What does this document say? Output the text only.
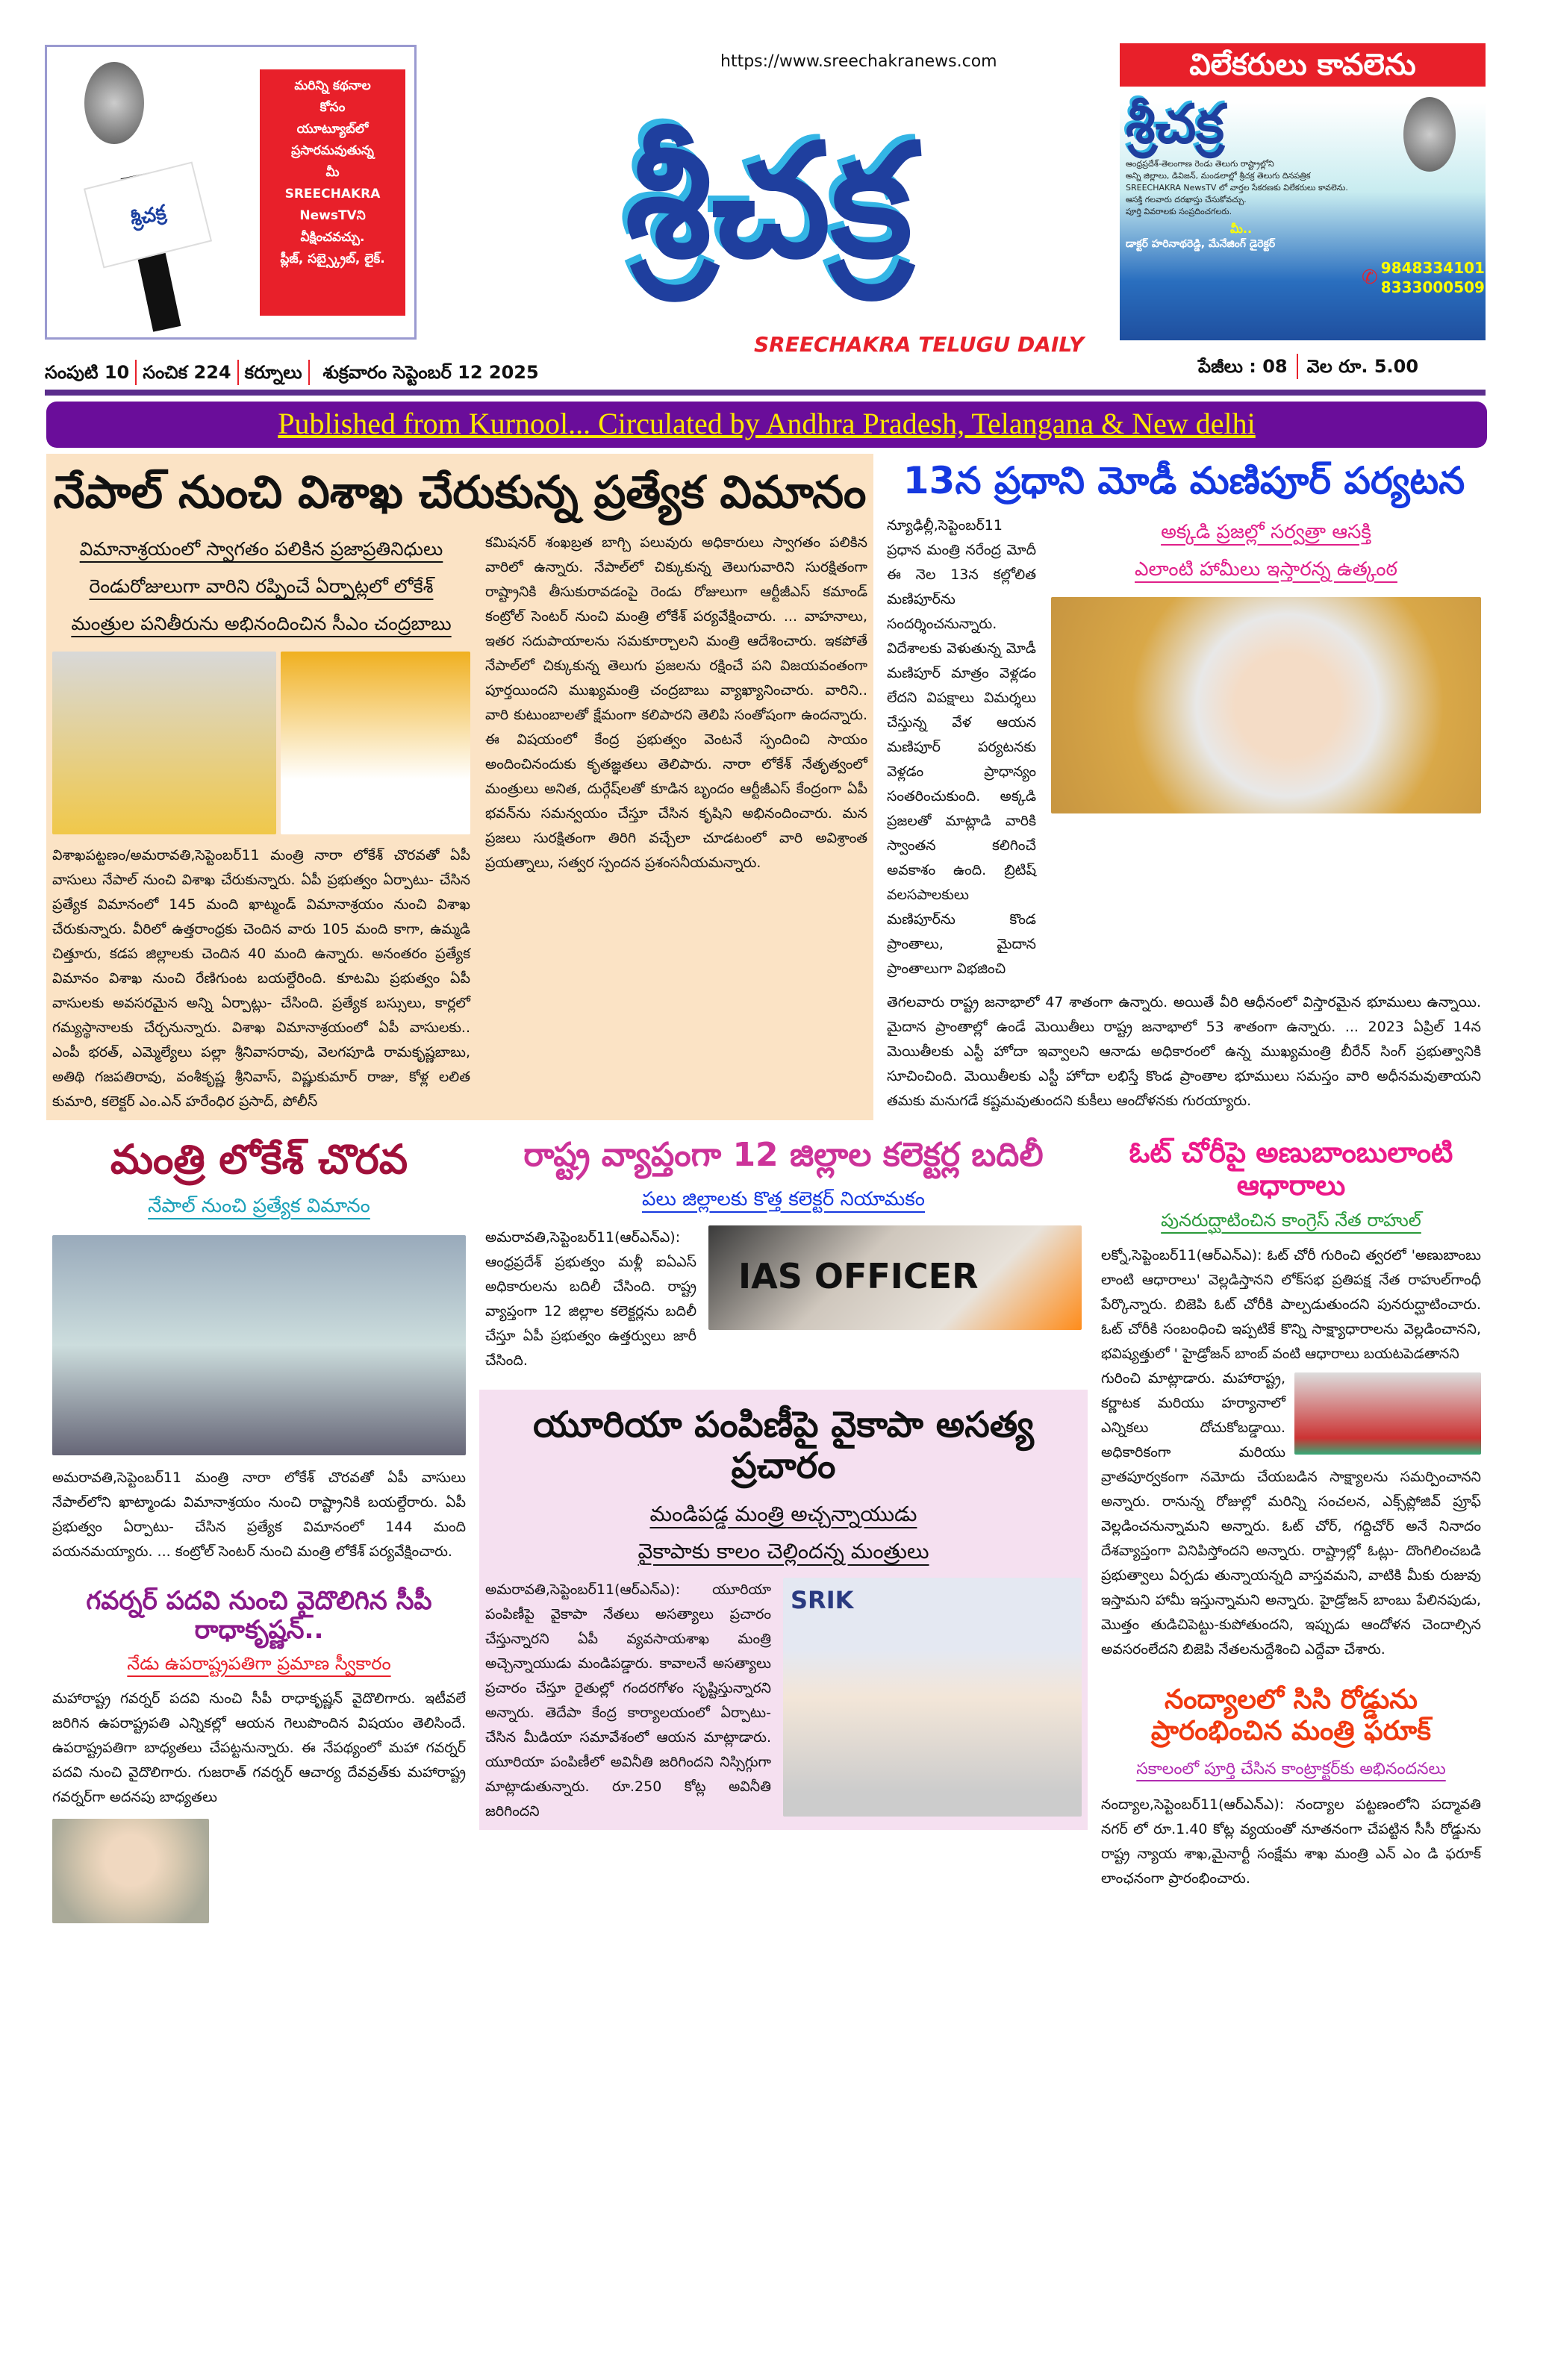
శ్రీచక్ర
మరిన్ని కథనాల
కోసం
యూట్యూబ్‌లో
ప్రసారమవుతున్న
మీ
SREECHAKRA
NewsTVని
వీక్షించవచ్చు.
ప్లీజ్, సబ్స్క్రైబ్, లైక్.
https://www.sreechakranews.com
శ్రీచక్ర
SREECHAKRA TELUGU DAILY
విలేకరులు కావలెను
శ్రీచక్ర
ఆంధ్రప్రదేశ్-తెలంగాణ రెండు తెలుగు రాష్ట్రాల్లోని
అన్ని జిల్లాలు, డివిజన్, మండలాల్లో శ్రీచక్ర తెలుగు దినపత్రిక
SREECHAKRA NewsTV లో వార్తల సేకరణకు విలేకరులు కావలెను.
ఆసక్తి గలవారు దరఖాస్తు చేసుకోవచ్చు.
పూర్తి వివరాలకు సంప్రదించగలరు.
మీ..
డాక్టర్ హరినాథరెడ్డి, మేనేజింగ్ డైరెక్టర్
✆ 9848334101
8333000509
సంపుటి 10 సంచిక 224 కర్నూలు శుక్రవారం సెప్టెంబర్ 12 2025	పేజీలు : 08 వెల రూ. 5.00
Published from Kurnool... Circulated by Andhra Pradesh, Telangana & New delhi
నేపాల్ నుంచి విశాఖ చేరుకున్న ప్రత్యేక విమానం
విమానాశ్రయంలో స్వాగతం పలికిన ప్రజాప్రతినిధులు
రెండురోజులుగా వారిని రప్పించే ఏర్పాట్లలో లోకేశ్
మంత్రుల పనితీరును అభినందించిన సీఎం చంద్రబాబు
విశాఖపట్టణం/అమరావతి,సెప్టెంబర్11 మంత్రి నారా లోకేశ్ చొరవతో ఏపీ వాసులు నేపాల్ నుంచి విశాఖ చేరుకున్నారు. ఏపీ ప్రభుత్వం ఏర్పాటు- చేసిన ప్రత్యేక విమానంలో 145 మంది ఖాట్మండ్ విమానాశ్రయం నుంచి విశాఖ చేరుకున్నారు. వీరిలో ఉత్తరాంధ్రకు చెందిన వారు 105 మంది కాగా, ఉమ్మడి చిత్తూరు, కడప జిల్లాలకు చెందిన 40 మంది ఉన్నారు. అనంతరం ప్రత్యేక విమానం విశాఖ నుంచి రేణిగుంట బయల్దేరింది. కూటమి ప్రభుత్వం ఏపీ వాసులకు అవసరమైన అన్ని ఏర్పాట్లు- చేసింది. ప్రత్యేక బస్సులు, కార్లలో గమ్యస్థానాలకు చేర్చనున్నారు. విశాఖ విమానాశ్రయంలో ఏపీ వాసులకు.. ఎంపీ భరత్, ఎమ్మెల్యేలు పల్లా శ్రీనివాసరావు, వెలగపూడి రామకృష్ణబాబు, అతిథి గజపతిరావు, వంశీకృష్ణ శ్రీనివాస్, విష్ణుకుమార్ రాజు, కోళ్ల లలిత కుమారి, కలెక్టర్ ఎం.ఎన్ హరేంధిర ప్రసాద్, పోలీస్
కమిషనర్ శంఖబ్రత బాగ్చి పలువురు అధికారులు స్వాగతం పలికిన వారిలో ఉన్నారు. నేపాల్‌లో చిక్కుకున్న తెలుగువారిని సురక్షితంగా రాష్ట్రానికి తీసుకురావడంపై రెండు రోజులుగా ఆర్టీజీఎస్ కమాండ్ కంట్రోల్ సెంటర్ నుంచి మంత్రి లోకేశ్ పర్యవేక్షించారు. ... వాహనాలు, ఇతర సదుపాయాలను సమకూర్చాలని మంత్రి ఆదేశించారు. ఇకపోతే నేపాల్‌లో చిక్కుకున్న తెలుగు ప్రజలను రక్షించే పని విజయవంతంగా పూర్తయిందని ముఖ్యమంత్రి చంద్రబాబు వ్యాఖ్యానించారు. వారిని.. వారి కుటుంబాలతో క్షేమంగా కలిపారని తెలిపి సంతోషంగా ఉందన్నారు. ఈ విషయంలో కేంద్ర ప్రభుత్వం వెంటనే స్పందించి సాయం అందించినందుకు కృతజ్ఞతలు తెలిపారు. నారా లోకేశ్ నేతృత్వంలో మంత్రులు అనిత, దుర్గేష్‌లతో కూడిన బృందం ఆర్టీజీఎస్ కేంద్రంగా ఏపీ భవన్‌ను సమన్వయం చేస్తూ చేసిన కృషిని అభినందించారు. మన ప్రజలు సురక్షితంగా తిరిగి వచ్చేలా చూడటంలో వారి అవిశ్రాంత ప్రయత్నాలు, సత్వర స్పందన ప్రశంసనీయమన్నారు.
13న ప్రధాని మోడీ మణిపూర్ పర్యటన
న్యూఢిల్లీ,సెప్టెంబర్11 ప్రధాన మంత్రి నరేంద్ర మోదీ ఈ నెల 13న కల్లోలిత మణిపూర్‌ను సందర్శించనున్నారు. విదేశాలకు వెళుతున్న మోడీ మణిపూర్ మాత్రం వెళ్లడం లేదని విపక్షాలు విమర్శలు చేస్తున్న వేళ ఆయన మణిపూర్ పర్యటనకు వెళ్లడం ప్రాధాన్యం సంతరించుకుంది. అక్కడి ప్రజలతో మాట్లాడి వారికి స్వాంతన కలిగించే అవకాశం ఉంది. బ్రిటిష్ వలసపాలకులు మణిపూర్‌ను కొండ ప్రాంతాలు, మైదాన ప్రాంతాలుగా విభజించి
అక్కడి ప్రజల్లో సర్వత్రా ఆసక్తి
ఎలాంటి హామీలు ఇస్తారన్న ఉత్కంఠ
తెగలవారు రాష్ట్ర జనాభాలో 47 శాతంగా ఉన్నారు. అయితే వీరి ఆధీనంలో విస్తారమైన భూములు ఉన్నాయి. మైదాన ప్రాంతాల్లో ఉండే మెయితీలు రాష్ట్ర జనాభాలో 53 శాతంగా ఉన్నారు. ... 2023 ఏప్రిల్ 14న మెయితీలకు ఎస్టీ హోదా ఇవ్వాలని ఆనాడు అధికారంలో ఉన్న ముఖ్యమంత్రి బీరేన్ సింగ్ ప్రభుత్వానికి సూచించింది. మెయితీలకు ఎస్టీ హోదా లభిస్తే కొండ ప్రాంతాల భూములు సమస్తం వారి అధీనమవుతాయని తమకు మనుగడే కష్టమవుతుందని కుకీలు ఆందోళనకు గురయ్యారు.
మంత్రి లోకేశ్ చొరవ
నేపాల్ నుంచి ప్రత్యేక విమానం
అమరావతి,సెప్టెంబర్11 మంత్రి నారా లోకేశ్ చొరవతో ఏపీ వాసులు నేపాల్‌లోని ఖాట్మాండు విమానాశ్రయం నుంచి రాష్ట్రానికి బయల్దేరారు. ఏపీ ప్రభుత్వం ఏర్పాటు- చేసిన ప్రత్యేక విమానంలో 144 మంది పయనమయ్యారు. ... కంట్రోల్ సెంటర్ నుంచి మంత్రి లోకేశ్ పర్యవేక్షించారు.
గవర్నర్ పదవి నుంచి వైదొలిగిన సీపీ రాధాకృష్ణన్..
నేడు ఉపరాష్ట్రపతిగా ప్రమాణ స్వీకారం
మహారాష్ట్ర గవర్నర్ పదవి నుంచి సీపీ రాధాకృష్ణన్ వైదొలిగారు. ఇటీవలే జరిగిన ఉపరాష్ట్రపతి ఎన్నికల్లో ఆయన గెలుపొందిన విషయం తెలిసిందే. ఉపరాష్ట్రపతిగా బాధ్యతలు చేపట్టనున్నారు. ఈ నేపథ్యంలో మహా గవర్నర్ పదవి నుంచి వైదొలిగారు. గుజరాత్ గవర్నర్ ఆచార్య దేవవ్రత్‌కు మహారాష్ట్ర గవర్నర్‌గా అదనపు బాధ్యతలు
రాష్ట్ర వ్యాప్తంగా 12 జిల్లాల కలెక్టర్ల బదిలీ
పలు జిల్లాలకు కొత్త కలెక్టర్ నియామకం
IAS OFFICER
అమరావతి,సెప్టెంబర్11(ఆర్ఎన్ఎ): ఆంధ్రప్రదేశ్ ప్రభుత్వం మళ్లీ ఐఏఎస్ అధికారులను బదిలీ చేసింది. రాష్ట్ర వ్యాప్తంగా 12 జిల్లాల కలెక్టర్లను బదిలీ చేస్తూ ఏపీ ప్రభుత్వం ఉత్తర్వులు జారీ చేసింది.
యూరియా పంపిణీపై వైకాపా అసత్య ప్రచారం
మండిపడ్డ మంత్రి అచ్చన్నాయుడు
వైకాపాకు కాలం చెల్లిందన్న మంత్రులు
SRIK
అమరావతి,సెప్టెంబర్11(ఆర్ఎన్ఎ): యూరియా పంపిణీపై వైకాపా నేతలు అసత్యాలు ప్రచారం చేస్తున్నారని ఏపీ వ్యవసాయశాఖ మంత్రి అచ్చెన్నాయుడు మండిపడ్డారు. కావాలనే అసత్యాలు ప్రచారం చేస్తూ రైతుల్లో గందరగోళం సృష్టిస్తున్నారని అన్నారు. తెదేపా కేంద్ర కార్యాలయంలో ఏర్పాటు- చేసిన మీడియా సమావేశంలో ఆయన మాట్లాడారు. యూరియా పంపిణీలో అవినీతి జరిగిందని నిస్సిగ్గుగా మాట్లాడుతున్నారు. రూ.250 కోట్ల అవినీతి జరిగిందని
ఓట్ చోరీపై అణుబాంబులాంటి ఆధారాలు
పునరుద్ఘాటించిన కాంగ్రెస్ నేత రాహుల్
లక్నో,సెప్టెంబర్11(ఆర్ఎన్ఎ): ఓట్ చోరీ గురించి త్వరలో 'అణుబాంబు లాంటి ఆధారాలు' వెల్లడిస్తానని లోక్‌సభ ప్రతిపక్ష నేత రాహుల్‌గాంధీ పేర్కొన్నారు. బిజెపి ఓట్ చోరీకి పాల్పడుతుందని పునరుద్ఘాటించారు. ఓట్ చోరీకి సంబంధించి ఇప్పటికే కొన్ని సాక్ష్యాధారాలను వెల్లడించానని, భవిష్యత్తులో ' హైడ్రోజన్ బాంబ్ వంటి ఆధారాలు బయటపెడతానని
గురించి మాట్లాడారు. మహారాష్ట్ర, కర్ణాటక మరియు హర్యానాలో ఎన్నికలు దోచుకోబడ్డాయి. అధికారికంగా మరియు వ్రాతపూర్వకంగా నమోదు చేయబడిన సాక్ష్యాలను సమర్పించానని అన్నారు. రానున్న రోజుల్లో మరిన్ని సంచలన, ఎక్స్‌ప్లోజివ్ ప్రూఫ్ వెల్లడించనున్నామని అన్నారు. ఓట్ చోర్, గద్దిచోర్ అనే నినాదం దేశవ్యాప్తంగా వినిపిస్తోందని అన్నారు. రాష్ట్రాల్లో ఓట్లు- దొంగిలించబడి ప్రభుత్వాలు ఏర్పడు తున్నాయన్నది వాస్తవమని, వాటికి మీకు రుజువు ఇస్తామని హామీ ఇస్తున్నామని అన్నారు. హైడ్రోజన్ బాంబు పేలినపుడు, మొత్తం తుడిచిపెట్టు-కుపోతుందని, ఇప్పుడు ఆందోళన చెందాల్సిన అవసరంలేదని బిజెపి నేతలనుద్దేశించి ఎద్దేవా చేశారు.
నంద్యాలలో సిసి రోడ్డును ప్రారంభించిన మంత్రి ఫరూక్
సకాలంలో పూర్తి చేసిన కాంట్రాక్టర్‌కు అభినందనలు
నంద్యాల,సెప్టెంబర్11(ఆర్ఎన్ఎ): నంద్యాల పట్టణంలోని పద్మావతి నగర్ లో రూ.1.40 కోట్ల వ్యయంతో నూతనంగా చేపట్టిన సీసీ రోడ్డును రాష్ట్ర న్యాయ శాఖ,మైనార్టీ సంక్షేమ శాఖ మంత్రి ఎన్ ఎం డి ఫరూక్ లాంఛనంగా ప్రారంభించారు.
